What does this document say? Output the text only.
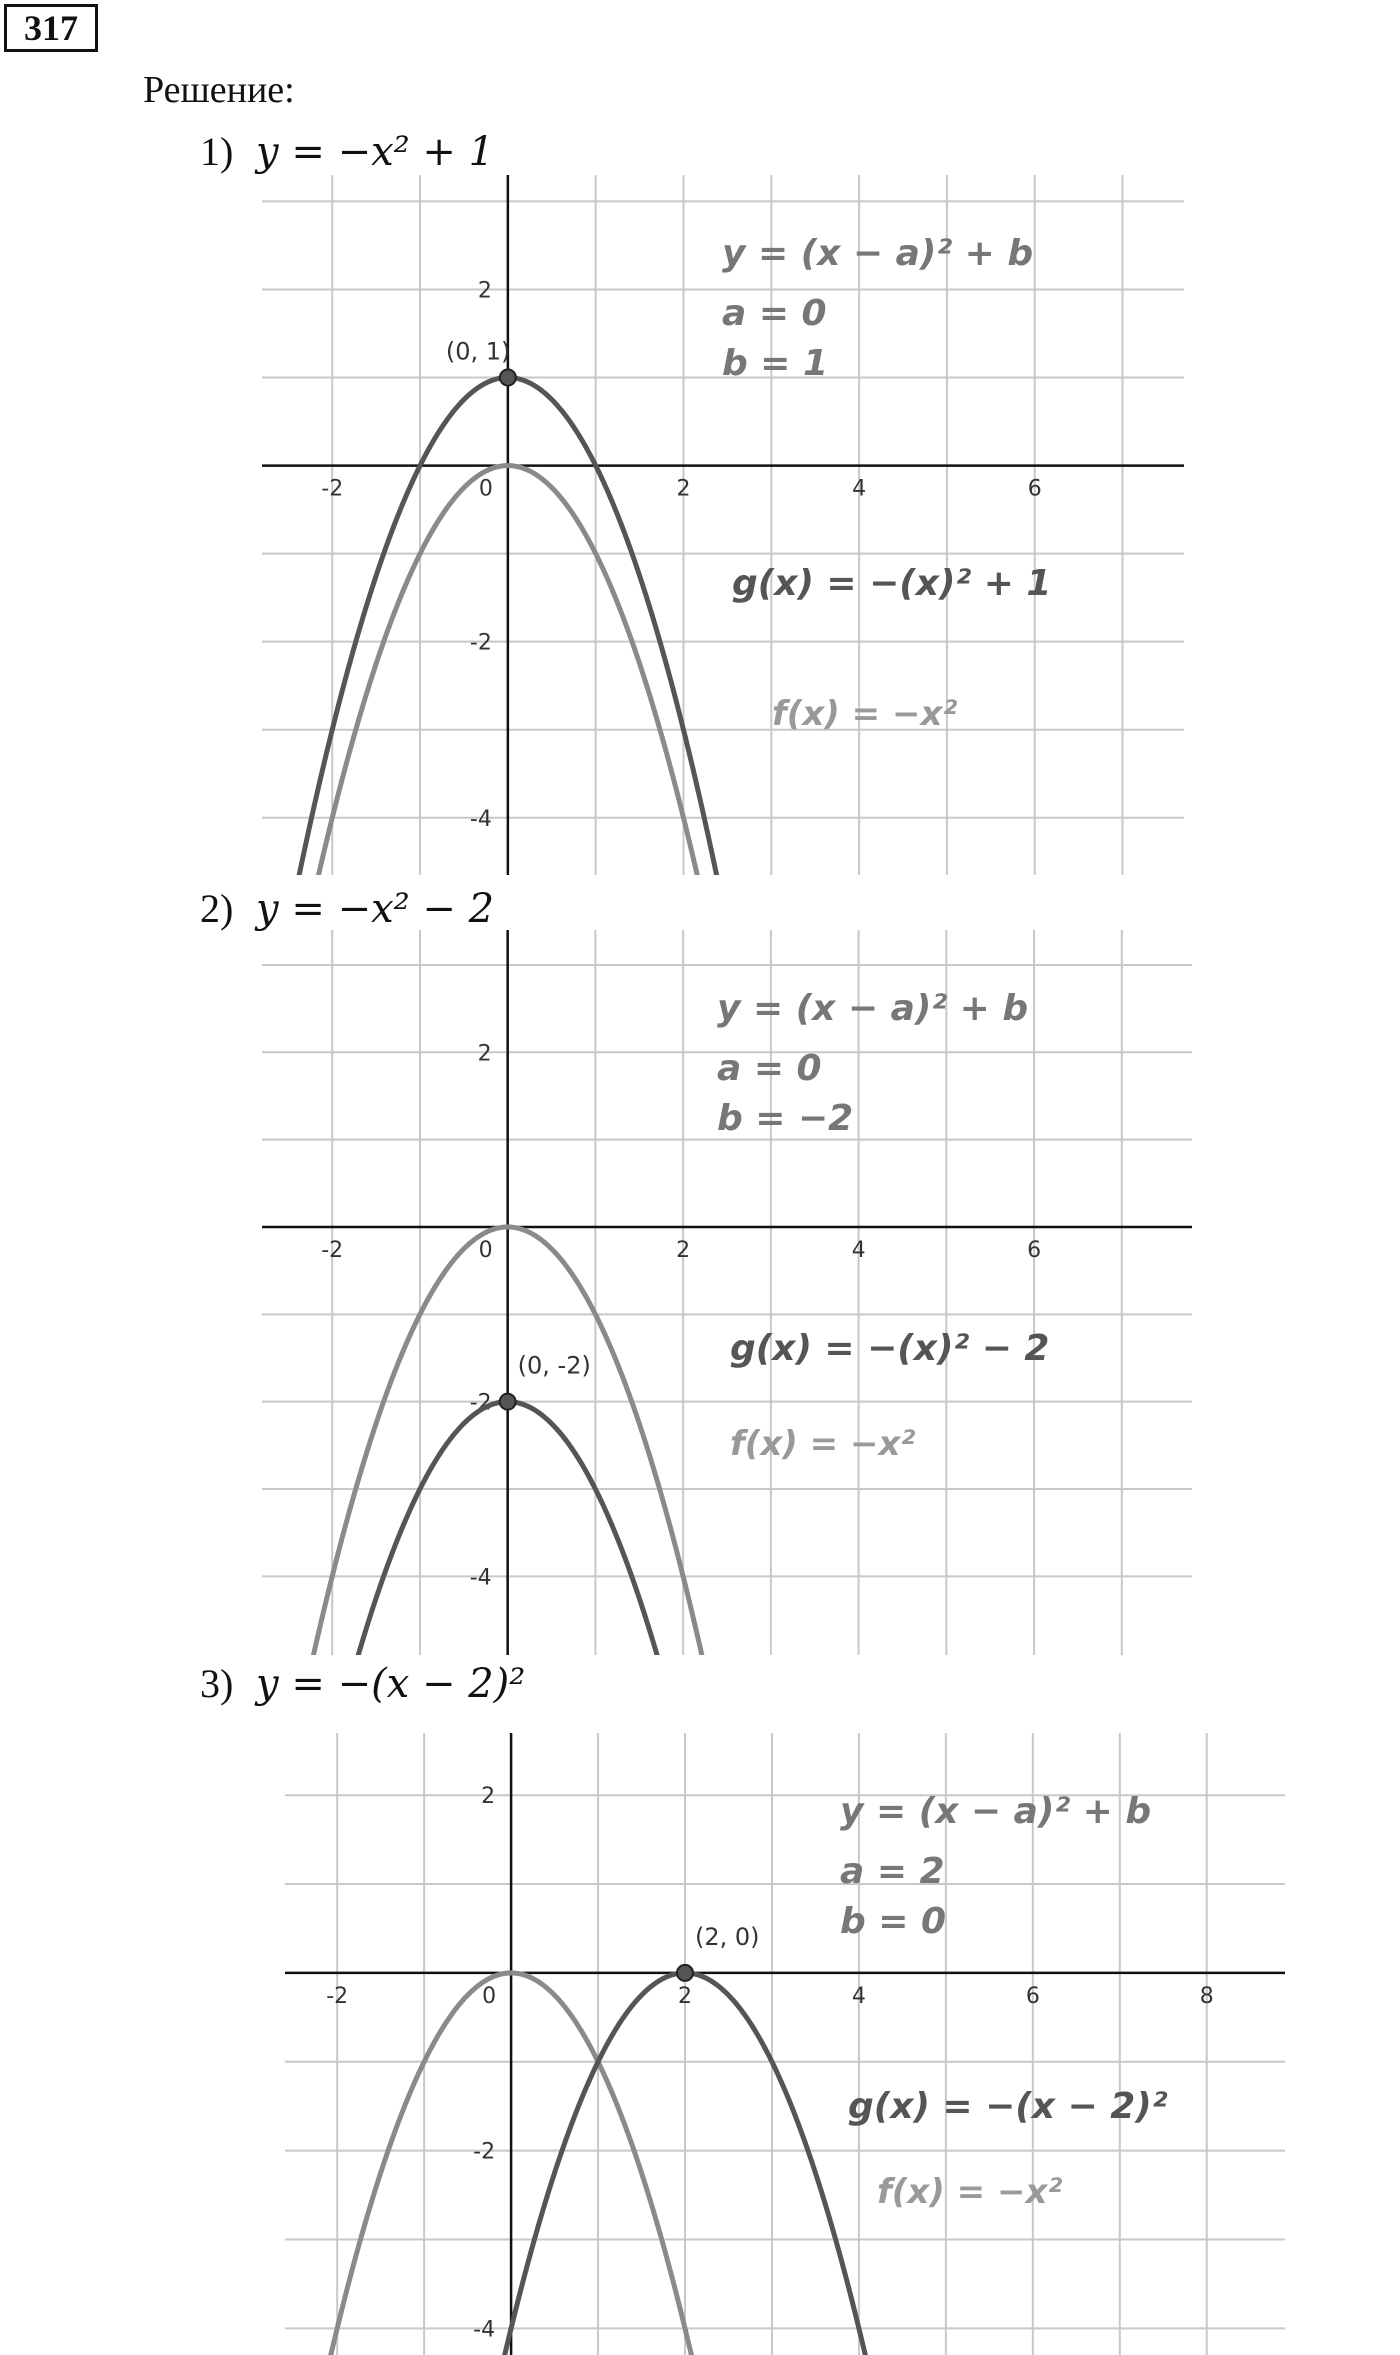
317
Решение:
1) y = −x² + 1
-2	0	2	4	6
2
-2
-4
(0, 1)
y = (x − a)² + b
a = 0
b = 1
g(x) = −(x)² + 1
f(x) = −x²
2) y = −x² − 2
-2	0	2	4	6
2
-2
-4
(0, -2)
y = (x − a)² + b
a = 0
b = −2
g(x) = −(x)² − 2
f(x) = −x²
3) y = −(x − 2)²
-2	0	2	4	6	8
2
-2
-4
(2, 0)
y = (x − a)² + b
a = 2
b = 0
g(x) = −(x − 2)²
f(x) = −x²
